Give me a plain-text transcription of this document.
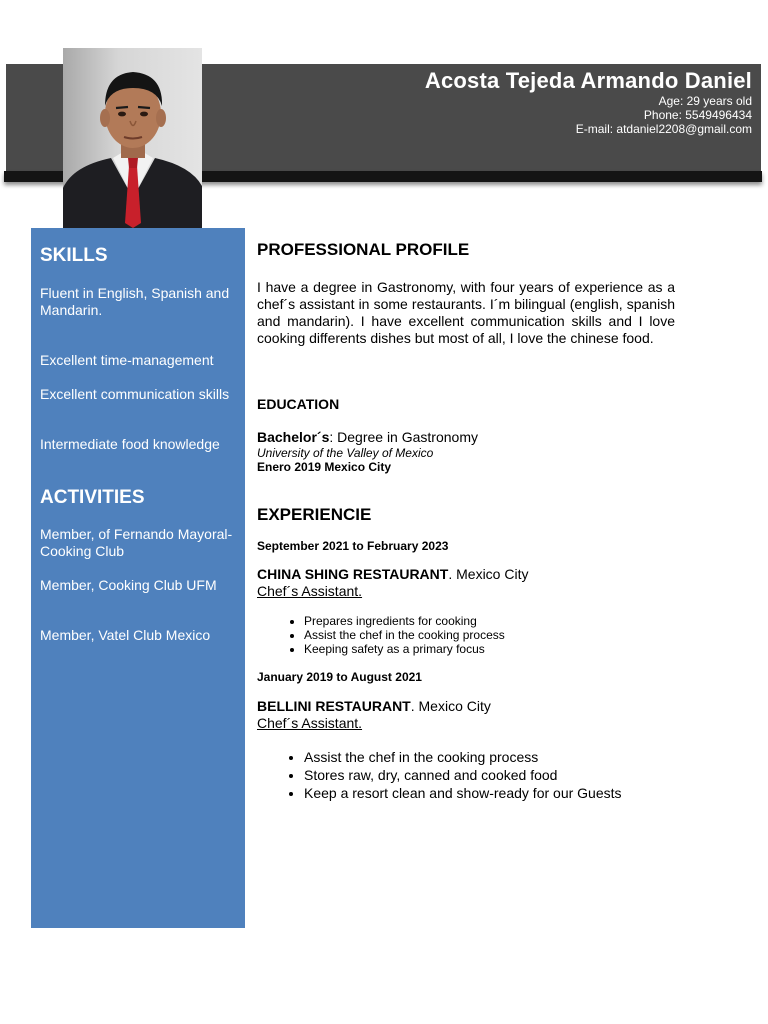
Acosta Tejeda Armando Daniel
Age: 29 years old
Phone: 5549496434
E-mail: atdaniel2208@gmail.com
SKILLS
Fluent in English, Spanish and Mandarin.
Excellent time-management
Excellent communication skills
Intermediate food knowledge
ACTIVITIES
Member, of Fernando Mayoral-Cooking Club
Member, Cooking Club UFM
Member, Vatel Club Mexico
PROFESSIONAL PROFILE

I have a degree in Gastronomy, with four years of experience as a chef´s assistant in some restaurants. I´m bilingual (english, spanish and mandarin). I have excellent communication skills and I love cooking differents dishes but most of all, I love the chinese food.

EDUCATION
Bachelor´s: Degree in Gastronomy
University of the Valley of Mexico
Enero 2019 Mexico City
EXPERIENCIE
September 2021 to February 2023
CHINA SHING RESTAURANT. Mexico City
Chef´s Assistant.
• Prepares ingredients for cooking
• Assist the chef in the cooking process
• Keeping safety as a primary focus
January 2019 to August 2021
BELLINI RESTAURANT. Mexico City
Chef´s Assistant.
• Assist the chef in the cooking process
• Stores raw, dry, canned and cooked food
• Keep a resort clean and show-ready for our Guests
